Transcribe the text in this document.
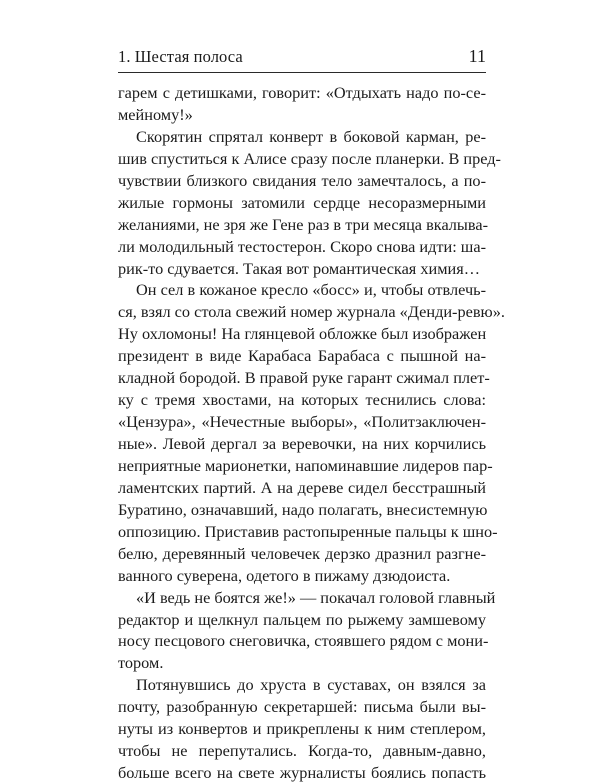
1. Шестая полоса	11
гарем с детишками, говорит: «Отдыхать надо по-се-
мейному!»
Скорятин спрятал конверт в боковой карман, ре-
шив спуститься к Алисе сразу после планерки. В пред-
чувствии близкого свидания тело замечталось, а по-
жилые гормоны затомили сердце несоразмерными
желаниями, не зря же Гене раз в три месяца вкалыва-
ли молодильный тестостерон. Скоро снова идти: ша-
рик-то сдувается. Такая вот романтическая химия…
Он сел в кожаное кресло «босс» и, чтобы отвлечь-
ся, взял со стола свежий номер журнала «Денди-ревю».
Ну охломоны! На глянцевой обложке был изображен
президент в виде Карабаса Барабаса с пышной на-
кладной бородой. В правой руке гарант сжимал плет-
ку с тремя хвостами, на которых теснились слова:
«Цензура», «Нечестные выборы», «Политзаключен-
ные». Левой дергал за веревочки, на них корчились
неприятные марионетки, напоминавшие лидеров пар-
ламентских партий. А на дереве сидел бесстрашный
Буратино, означавший, надо полагать, внесистемную
оппозицию. Приставив растопыренные пальцы к шно-
белю, деревянный человечек дерзко дразнил разгне-
ванного суверена, одетого в пижаму дзюдоиста.
«И ведь не боятся же!» — покачал головой главный
редактор и щелкнул пальцем по рыжему замшевому
носу песцового снеговичка, стоявшего рядом с мони-
тором.
Потянувшись до хруста в суставах, он взялся за
почту, разобранную секретаршей: письма были вы-
нуты из конвертов и прикреплены к ним степлером,
чтобы не перепутались. Когда-то, давным-давно,
больше всего на свете журналисты боялись попасть
